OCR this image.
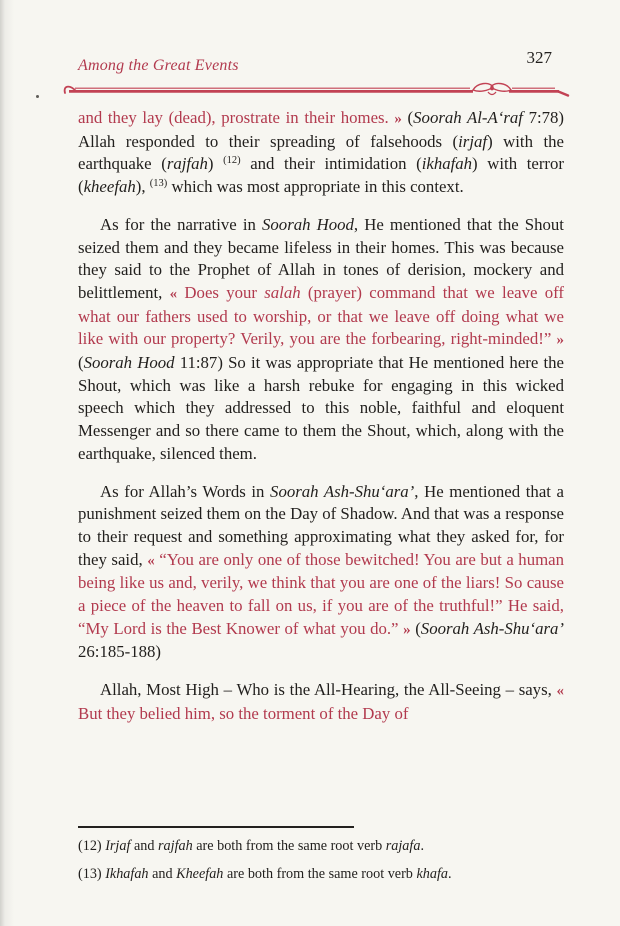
Among the Great Events	327

and they lay (dead), prostrate in their homes. » (Soorah Al-A‘raf 7:78) Allah responded to their spreading of falsehoods (irjaf) with the earthquake (rajfah) $^{(12)}$ and their intimidation (ikhafah) with terror (kheefah), $^{(13)}$ which was most appropriate in this context.

As for the narrative in Soorah Hood, He mentioned that the Shout seized them and they became lifeless in their homes. This was because they said to the Prophet of Allah in tones of derision, mockery and belittlement, « Does your salah (prayer) command that we leave off what our fathers used to worship, or that we leave off doing what we like with our property? Verily, you are the forbearing, right-minded!” » (Soorah Hood 11:87) So it was appropriate that He mentioned here the Shout, which was like a harsh rebuke for engaging in this wicked speech which they addressed to this noble, faithful and eloquent Messenger and so there came to them the Shout, which, along with the earthquake, silenced them.

As for Allah’s Words in Soorah Ash-Shu‘ara’, He mentioned that a punishment seized them on the Day of Shadow. And that was a response to their request and something approximating what they asked for, for they said, « “You are only one of those bewitched! You are but a human being like us and, verily, we think that you are one of the liars! So cause a piece of the heaven to fall on us, if you are of the truthful!” He said, “My Lord is the Best Knower of what you do.” » (Soorah Ash-Shu‘ara’ 26:185-188)

Allah, Most High – Who is the All-Hearing, the All-Seeing – says, « But they belied him, so the torment of the Day of

(12) Irjaf and rajfah are both from the same root verb rajafa.

(13) Ikhafah and Kheefah are both from the same root verb khafa.
